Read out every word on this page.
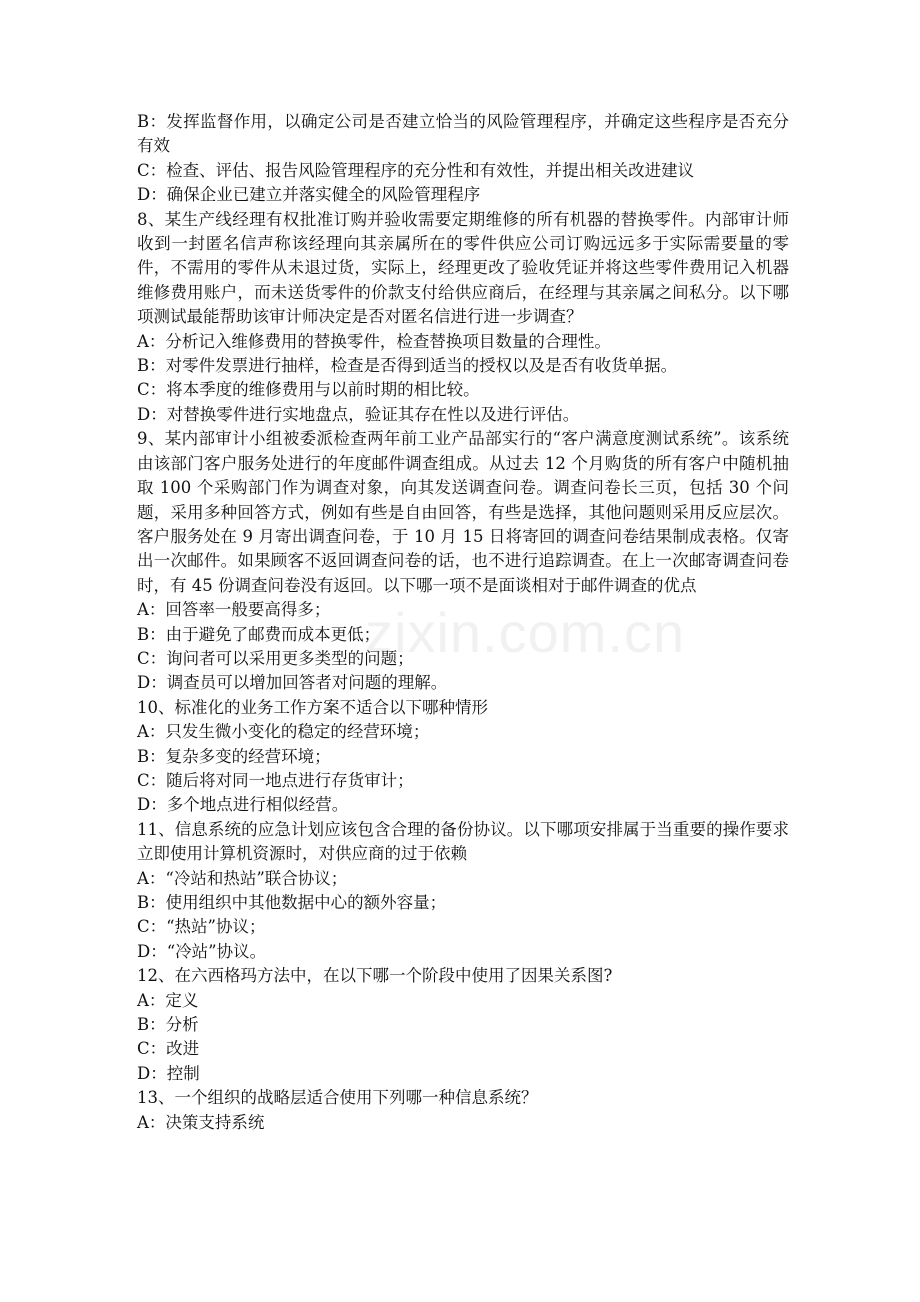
B：发挥监督作用，以确定公司是否建立恰当的风险管理程序，并确定这些程序是否充分有效

C：检查、评估、报告风险管理程序的充分性和有效性，并提出相关改进建议

D：确保企业已建立并落实健全的风险管理程序

8、某生产线经理有权批准订购并验收需要定期维修的所有机器的替换零件。内部审计师收到一封匿名信声称该经理向其亲属所在的零件供应公司订购远远多于实际需要量的零件，不需用的零件从未退过货，实际上，经理更改了验收凭证并将这些零件费用记入机器维修费用账户，而未送货零件的价款支付给供应商后，在经理与其亲属之间私分。以下哪项测试最能帮助该审计师决定是否对匿名信进行进一步调查？

A：分析记入维修费用的替换零件，检查替换项目数量的合理性。

B：对零件发票进行抽样，检查是否得到适当的授权以及是否有收货单据。

C：将本季度的维修费用与以前时期的相比较。

D：对替换零件进行实地盘点，验证其存在性以及进行评估。

9、某内部审计小组被委派检查两年前工业产品部实行的“客户满意度测试系统”。该系统由该部门客户服务处进行的年度邮件调查组成。从过去 12 个月购货的所有客户中随机抽取 100 个采购部门作为调查对象，向其发送调查问卷。调查问卷长三页，包括 30 个问题，采用多种回答方式，例如有些是自由回答，有些是选择，其他问题则采用反应层次。客户服务处在 9 月寄出调查问卷，于 10 月 15 日将寄回的调查问卷结果制成表格。仅寄出一次邮件。如果顾客不返回调查问卷的话，也不进行追踪调查。在上一次邮寄调查问卷时，有 45 份调查问卷没有返回。以下哪一项不是面谈相对于邮件调查的优点

A：回答率一般要高得多；

B：由于避免了邮费而成本更低；

C：询问者可以采用更多类型的问题；

D：调查员可以增加回答者对问题的理解。

10、标准化的业务工作方案不适合以下哪种情形

A：只发生微小变化的稳定的经营环境；

B：复杂多变的经营环境；

C：随后将对同一地点进行存货审计；

D：多个地点进行相似经营。

11、信息系统的应急计划应该包含合理的备份协议。以下哪项安排属于当重要的操作要求立即使用计算机资源时，对供应商的过于依赖

A：“冷站和热站”联合协议；

B：使用组织中其他数据中心的额外容量；

C：“热站”协议；

D：“冷站”协议。

12、在六西格玛方法中，在以下哪一个阶段中使用了因果关系图?

A：定义

B：分析

C：改进

D：控制

13、一个组织的战略层适合使用下列哪一种信息系统？

A：决策支持系统

zixin.com.cn
